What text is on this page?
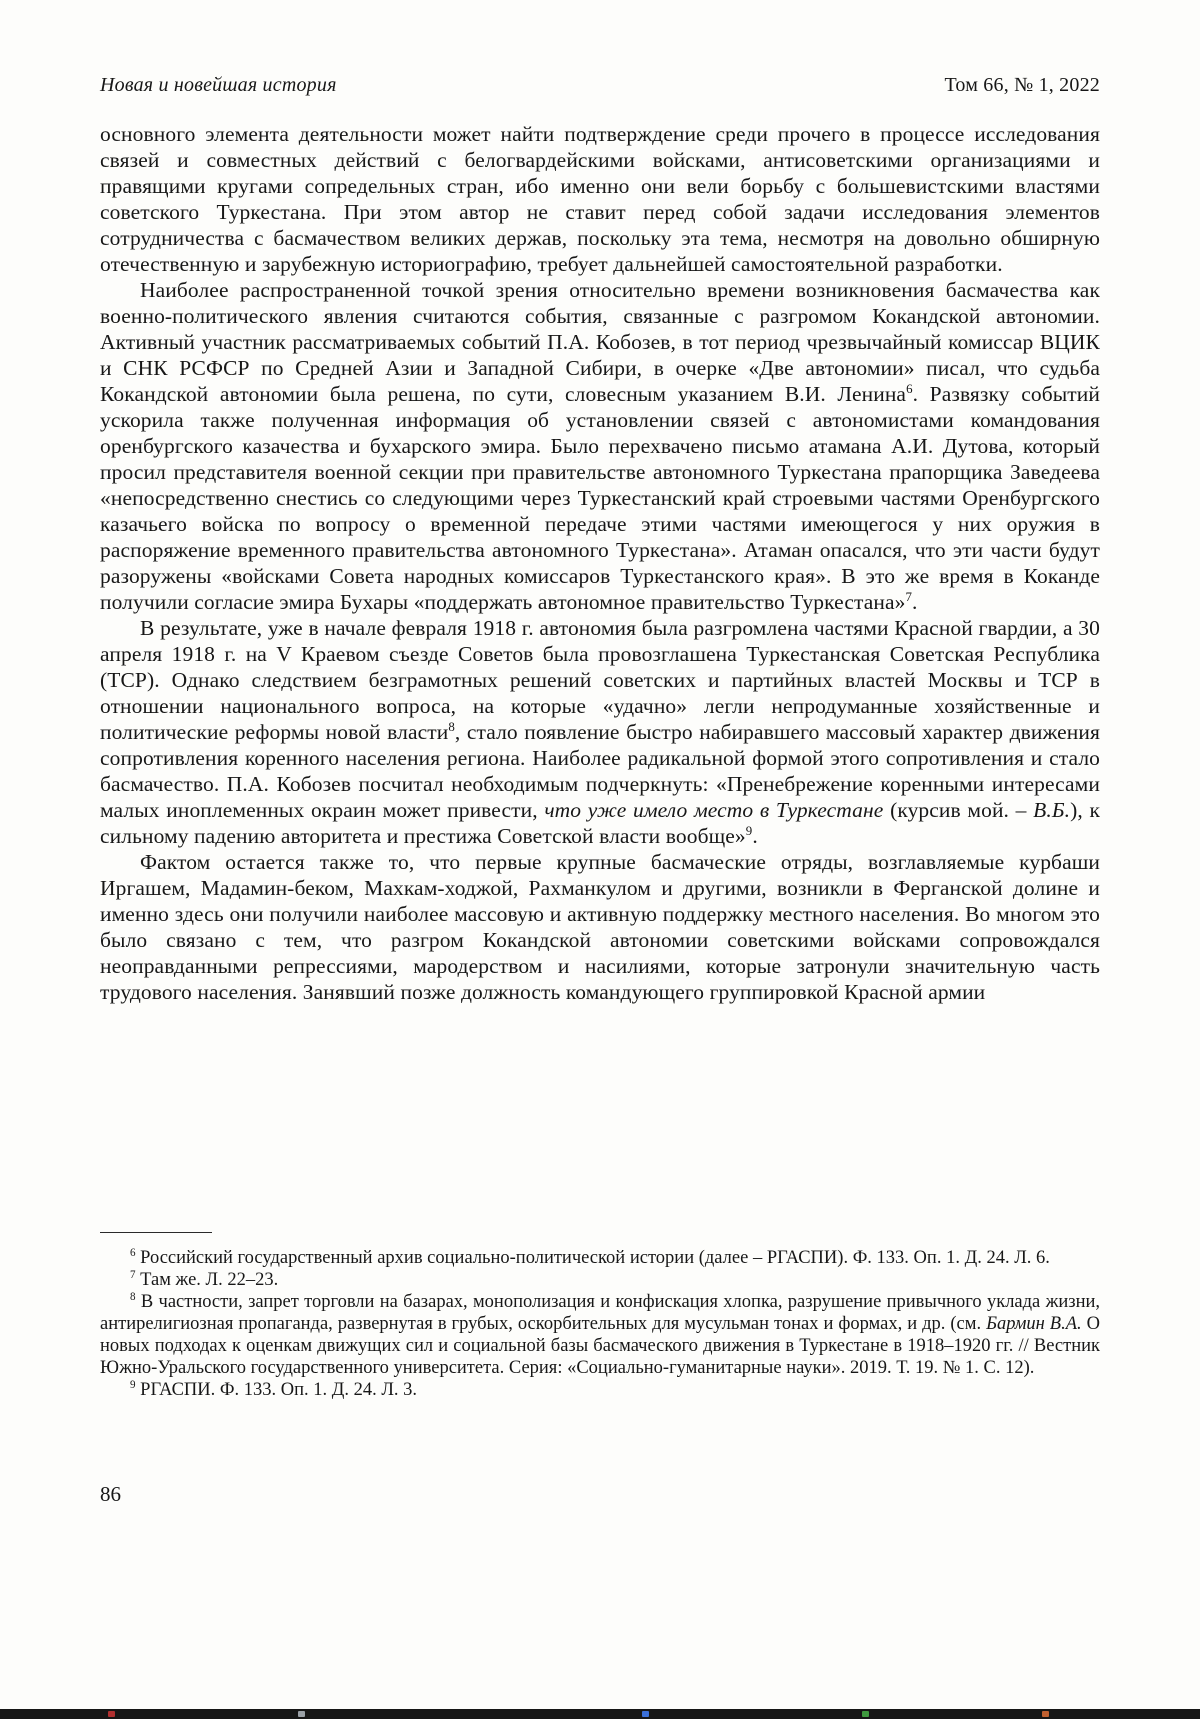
Новая и новейшая история	Том 66, № 1, 2022

основного элемента деятельности может найти подтверждение среди прочего в процессе исследования связей и совместных действий с белогвардейскими войсками, антисоветскими организациями и правящими кругами сопредельных стран, ибо именно они вели борьбу с большевистскими властями советского Туркестана. При этом автор не ставит перед собой задачи исследования элементов сотрудничества с басмачеством великих держав, поскольку эта тема, несмотря на довольно обширную отечественную и зарубежную историографию, требует дальнейшей самостоятельной разработки.

Наиболее распространенной точкой зрения относительно времени возникновения басмачества как военно-политического явления считаются события, связанные с разгромом Кокандской автономии. Активный участник рассматриваемых событий П.А. Кобозев, в тот период чрезвычайный комиссар ВЦИК и СНК РСФСР по Средней Азии и Западной Сибири, в очерке «Две автономии» писал, что судьба Кокандской автономии была решена, по сути, словесным указанием В.И. Ленина$^6$. Развязку событий ускорила также полученная информация об установлении связей с автономистами командования оренбургского казачества и бухарского эмира. Было перехвачено письмо атамана А.И. Дутова, который просил представителя военной секции при правительстве автономного Туркестана прапорщика Заведеева «непосредственно снестись со следующими через Туркестанский край строевыми частями Оренбургского казачьего войска по вопросу о временной передаче этими частями имеющегося у них оружия в распоряжение временного правительства автономного Туркестана». Атаман опасался, что эти части будут разоружены «войсками Совета народных комиссаров Туркестанского края». В это же время в Коканде получили согласие эмира Бухары «поддержать автономное правительство Туркестана»$^7$.

В результате, уже в начале февраля 1918 г. автономия была разгромлена частями Красной гвардии, а 30 апреля 1918 г. на V Краевом съезде Советов была провозглашена Туркестанская Советская Республика (ТСР). Однако следствием безграмотных решений советских и партийных властей Москвы и ТСР в отношении национального вопроса, на которые «удачно» легли непродуманные хозяйственные и политические реформы новой власти$^8$, стало появление быстро набиравшего массовый характер движения сопротивления коренного населения региона. Наиболее радикальной формой этого сопротивления и стало басмачество. П.А. Кобозев посчитал необходимым подчеркнуть: «Пренебрежение коренными интересами малых иноплеменных окраин может привести, что уже имело место в Туркестане (курсив мой. – В.Б.), к сильному падению авторитета и престижа Советской власти вообще»$^9$.

Фактом остается также то, что первые крупные басмаческие отряды, возглавляемые курбаши Иргашем, Мадамин-беком, Махкам-ходжой, Рахманкулом и другими, возникли в Ферганской долине и именно здесь они получили наиболее массовую и активную поддержку местного населения. Во многом это было связано с тем, что разгром Кокандской автономии советскими войсками сопровождался неоправданными репрессиями, мародерством и насилиями, которые затронули значительную часть трудового населения. Занявший позже должность командующего группировкой Красной армии

$^6$ Российский государственный архив социально-политической истории (далее – РГАСПИ). Ф. 133. Оп. 1. Д. 24. Л. 6.

$^7$ Там же. Л. 22–23.

$^8$ В частности, запрет торговли на базарах, монополизация и конфискация хлопка, разрушение привычного уклада жизни, антирелигиозная пропаганда, развернутая в грубых, оскорбительных для мусульман тонах и формах, и др. (см. Бармин В.А. О новых подходах к оценкам движущих сил и социальной базы басмаческого движения в Туркестане в 1918–1920 гг. // Вестник Южно-Уральского государственного университета. Серия: «Социально-гуманитарные науки». 2019. Т. 19. № 1. С. 12).

$^9$ РГАСПИ. Ф. 133. Оп. 1. Д. 24. Л. 3.

86
